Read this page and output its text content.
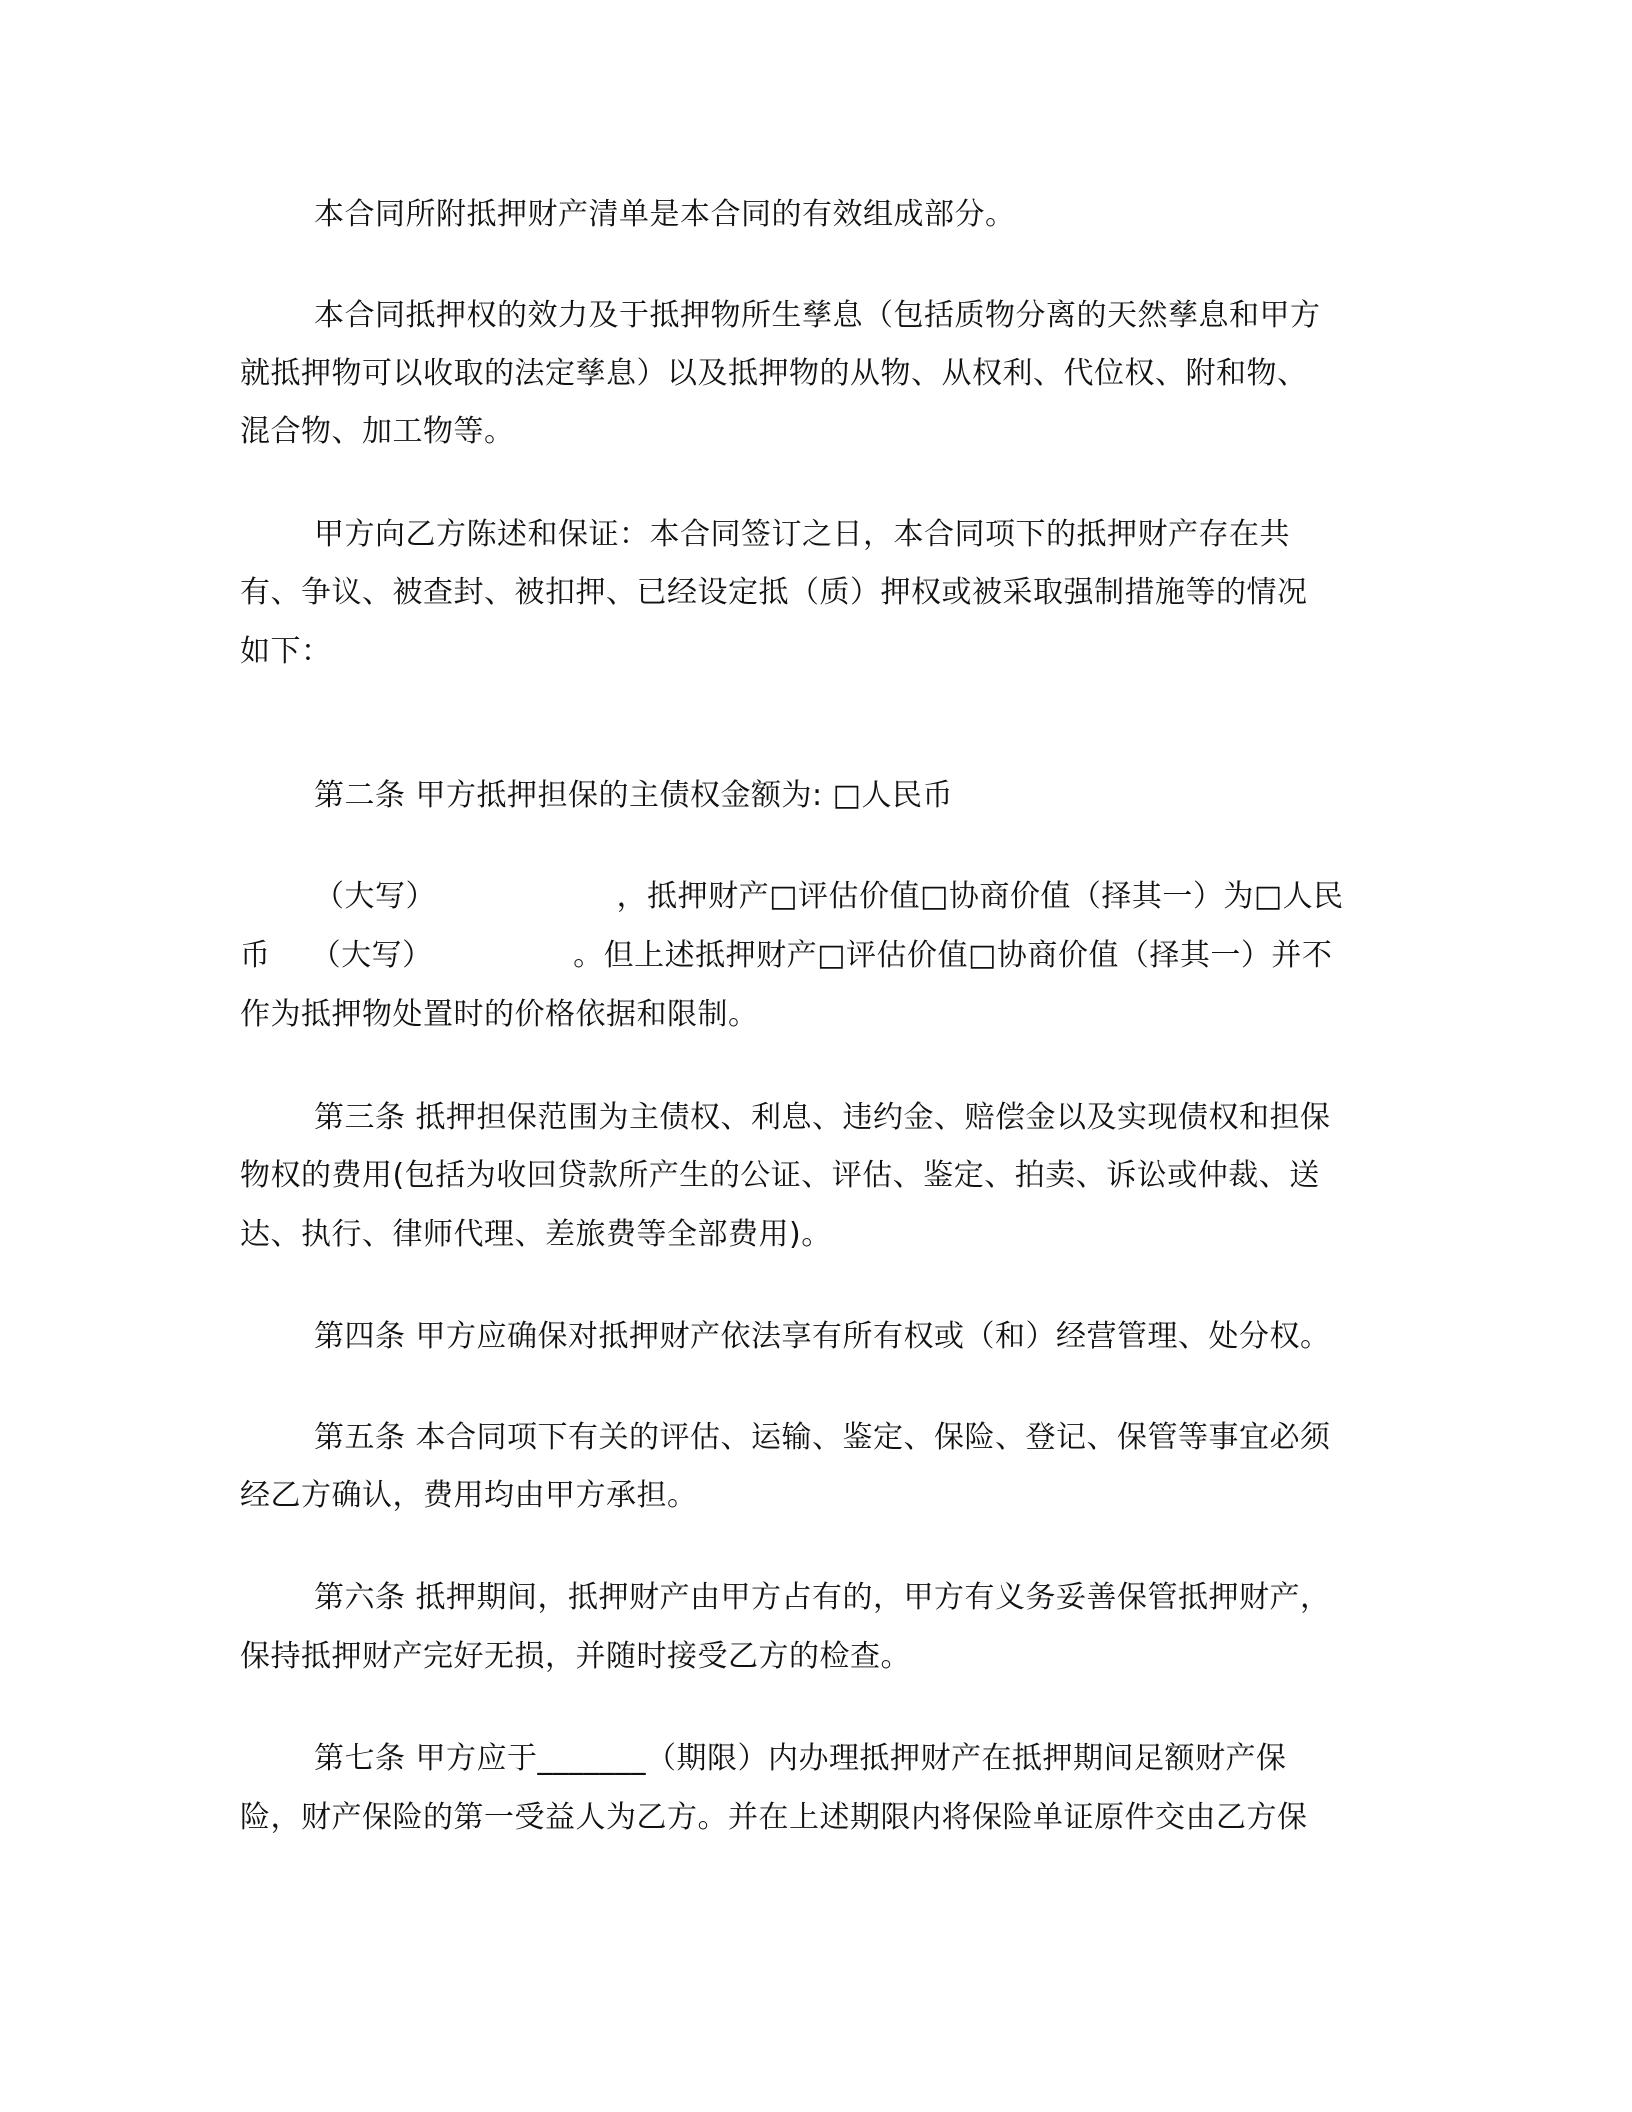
本合同所附抵押财产清单是本合同的有效组成部分。
本合同抵押权的效力及于抵押物所生孳息（包括质物分离的天然孳息和甲方
就抵押物可以收取的法定孳息）以及抵押物的从物、从权利、代位权、附和物、
混合物、加工物等。
甲方向乙方陈述和保证：本合同签订之日，本合同项下的抵押财产存在共
有、争议、被查封、被扣押、已经设定抵（质）押权或被采取强制措施等的情况
如下：
第二条 甲方抵押担保的主债权金额为: □人民币
（大写）                  ，抵押财产□评估价值□协商价值（择其一）为□人民
币    （大写）              。但上述抵押财产□评估价值□协商价值（择其一）并不
作为抵押物处置时的价格依据和限制。
第三条 抵押担保范围为主债权、利息、违约金、赔偿金以及实现债权和担保
物权的费用(包括为收回贷款所产生的公证、评估、鉴定、拍卖、诉讼或仲裁、送
达、执行、律师代理、差旅费等全部费用)。
第四条 甲方应确保对抵押财产依法享有所有权或（和）经营管理、处分权。
第五条 本合同项下有关的评估、运输、鉴定、保险、登记、保管等事宜必须
经乙方确认，费用均由甲方承担。
第六条 抵押期间，抵押财产由甲方占有的，甲方有义务妥善保管抵押财产，
保持抵押财产完好无损，并随时接受乙方的检查。
第七条 甲方应于_______（期限）内办理抵押财产在抵押期间足额财产保
险，财产保险的第一受益人为乙方。并在上述期限内将保险单证原件交由乙方保
